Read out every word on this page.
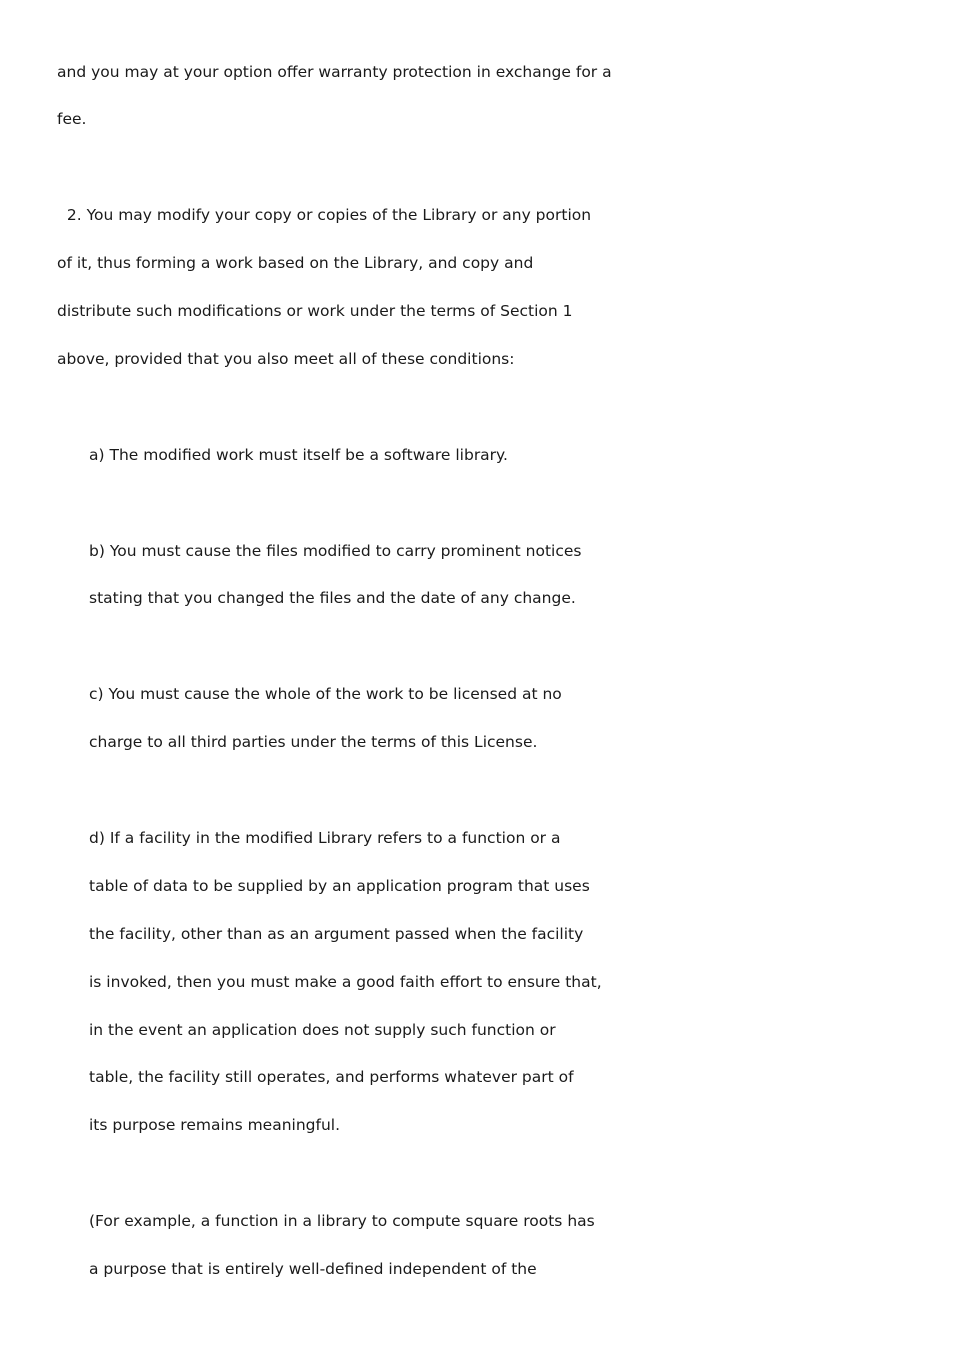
and you may at your option offer warranty protection in exchange for a
fee.
2. You may modify your copy or copies of the Library or any portion
of it, thus forming a work based on the Library, and copy and
distribute such modifications or work under the terms of Section 1
above, provided that you also meet all of these conditions:
a) The modified work must itself be a software library.
b) You must cause the files modified to carry prominent notices
stating that you changed the files and the date of any change.
c) You must cause the whole of the work to be licensed at no
charge to all third parties under the terms of this License.
d) If a facility in the modified Library refers to a function or a
table of data to be supplied by an application program that uses
the facility, other than as an argument passed when the facility
is invoked, then you must make a good faith effort to ensure that,
in the event an application does not supply such function or
table, the facility still operates, and performs whatever part of
its purpose remains meaningful.
(For example, a function in a library to compute square roots has
a purpose that is entirely well-defined independent of the
